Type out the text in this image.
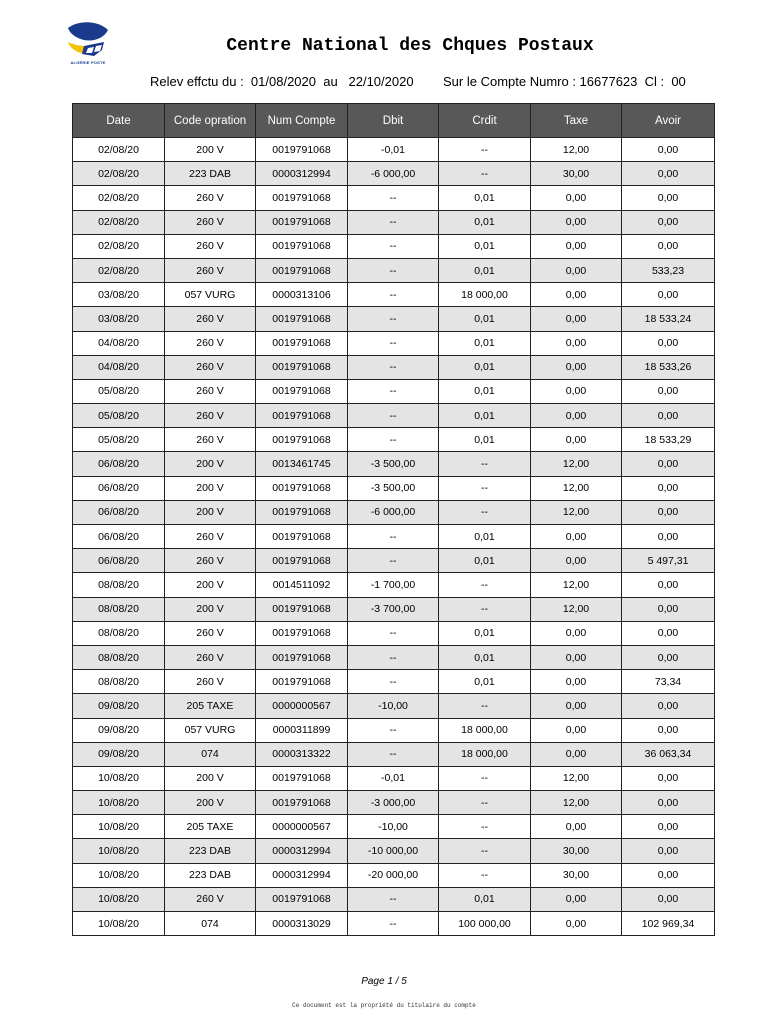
ALGÉRIE POSTE
Centre National des Chques Postaux
Relev effctu du :  01/08/2020  au   22/10/2020 Sur le Compte Numro : 16677623  Cl :  00
Date	Code opration	Num Compte	Dbit	Crdit	Taxe	Avoir
02/08/20	200 V	0019791068	-0,01	--	12,00	0,00
02/08/20	223 DAB	0000312994	-6 000,00	--	30,00	0,00
02/08/20	260 V	0019791068	--	0,01	0,00	0,00
02/08/20	260 V	0019791068	--	0,01	0,00	0,00
02/08/20	260 V	0019791068	--	0,01	0,00	0,00
02/08/20	260 V	0019791068	--	0,01	0,00	533,23
03/08/20	057 VURG	0000313106	--	18 000,00	0,00	0,00
03/08/20	260 V	0019791068	--	0,01	0,00	18 533,24
04/08/20	260 V	0019791068	--	0,01	0,00	0,00
04/08/20	260 V	0019791068	--	0,01	0,00	18 533,26
05/08/20	260 V	0019791068	--	0,01	0,00	0,00
05/08/20	260 V	0019791068	--	0,01	0,00	0,00
05/08/20	260 V	0019791068	--	0,01	0,00	18 533,29
06/08/20	200 V	0013461745	-3 500,00	--	12,00	0,00
06/08/20	200 V	0019791068	-3 500,00	--	12,00	0,00
06/08/20	200 V	0019791068	-6 000,00	--	12,00	0,00
06/08/20	260 V	0019791068	--	0,01	0,00	0,00
06/08/20	260 V	0019791068	--	0,01	0,00	5 497,31
08/08/20	200 V	0014511092	-1 700,00	--	12,00	0,00
08/08/20	200 V	0019791068	-3 700,00	--	12,00	0,00
08/08/20	260 V	0019791068	--	0,01	0,00	0,00
08/08/20	260 V	0019791068	--	0,01	0,00	0,00
08/08/20	260 V	0019791068	--	0,01	0,00	73,34
09/08/20	205 TAXE	0000000567	-10,00	--	0,00	0,00
09/08/20	057 VURG	0000311899	--	18 000,00	0,00	0,00
09/08/20	074	0000313322	--	18 000,00	0,00	36 063,34
10/08/20	200 V	0019791068	-0,01	--	12,00	0,00
10/08/20	200 V	0019791068	-3 000,00	--	12,00	0,00
10/08/20	205 TAXE	0000000567	-10,00	--	0,00	0,00
10/08/20	223 DAB	0000312994	-10 000,00	--	30,00	0,00
10/08/20	223 DAB	0000312994	-20 000,00	--	30,00	0,00
10/08/20	260 V	0019791068	--	0,01	0,00	0,00
10/08/20	074	0000313029	--	100 000,00	0,00	102 969,34
Page 1 / 5
Ce document est la propriété du titulaire du compte
